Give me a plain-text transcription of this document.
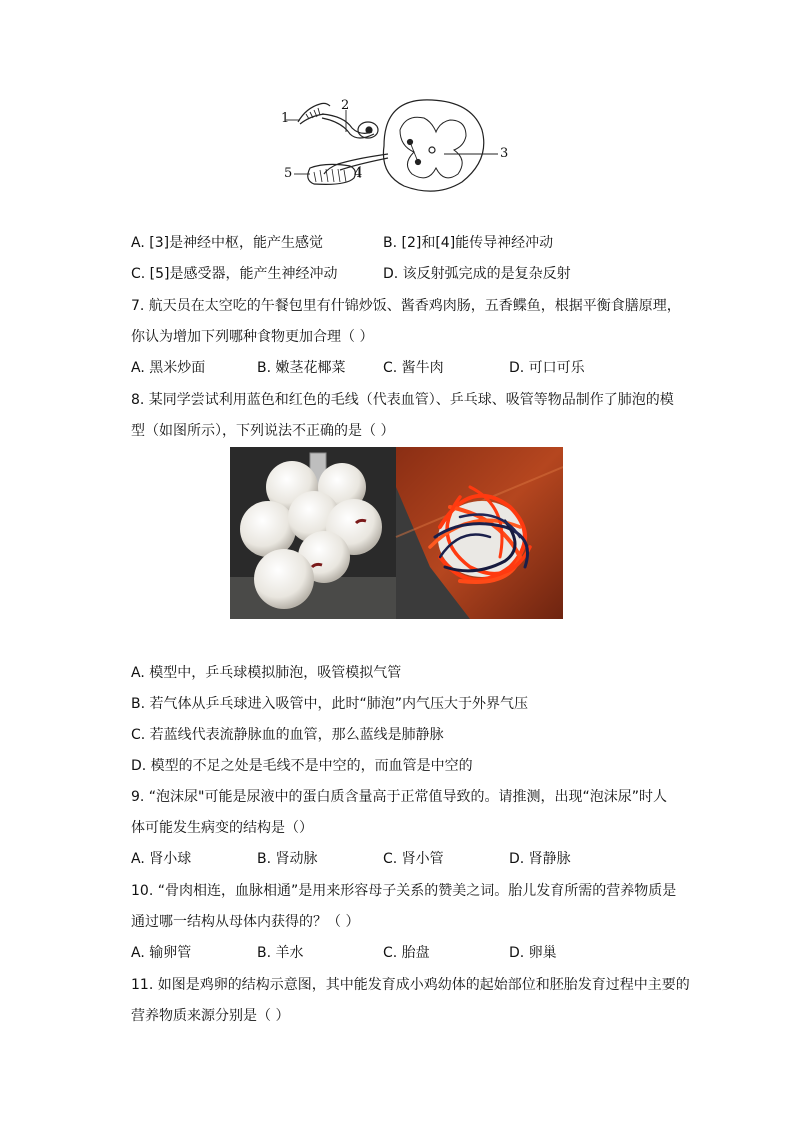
1
2
3
4
5
A. [3]是神经中枢，能产生感觉	B. [2]和[4]能传导神经冲动
C. [5]是感受器，能产生神经冲动	D. 该反射弧完成的是复杂反射
7. 航天员在太空吃的午餐包里有什锦炒饭、酱香鸡肉肠，五香鲽鱼，根据平衡食膳原理，
你认为增加下列哪种食物更加合理（ ）
A. 黑米炒面	B. 嫩茎花椰菜	C. 酱牛肉	D. 可口可乐
8. 某同学尝试利用蓝色和红色的毛线（代表血管）、乒乓球、吸管等物品制作了肺泡的模
型（如图所示），下列说法不正确的是（ ）
A. 模型中，乒乓球模拟肺泡，吸管模拟气管
B. 若气体从乒乓球进入吸管中，此时“肺泡”内气压大于外界气压
C. 若蓝线代表流静脉血的血管，那么蓝线是肺静脉
D. 模型的不足之处是毛线不是中空的，而血管是中空的
9. “泡沫尿"可能是尿液中的蛋白质含量高于正常值导致的。请推测，出现“泡沫尿”时人
体可能发生病变的结构是（）
A. 肾小球	B. 肾动脉	C. 肾小管	D. 肾静脉
10. “骨肉相连，血脉相通”是用来形容母子关系的赞美之词。胎儿发育所需的营养物质是
通过哪一结构从母体内获得的？（ ）
A. 输卵管	B. 羊水	C. 胎盘	D. 卵巢
11. 如图是鸡卵的结构示意图，其中能发育成小鸡幼体的起始部位和胚胎发育过程中主要的
营养物质来源分别是（ ）
